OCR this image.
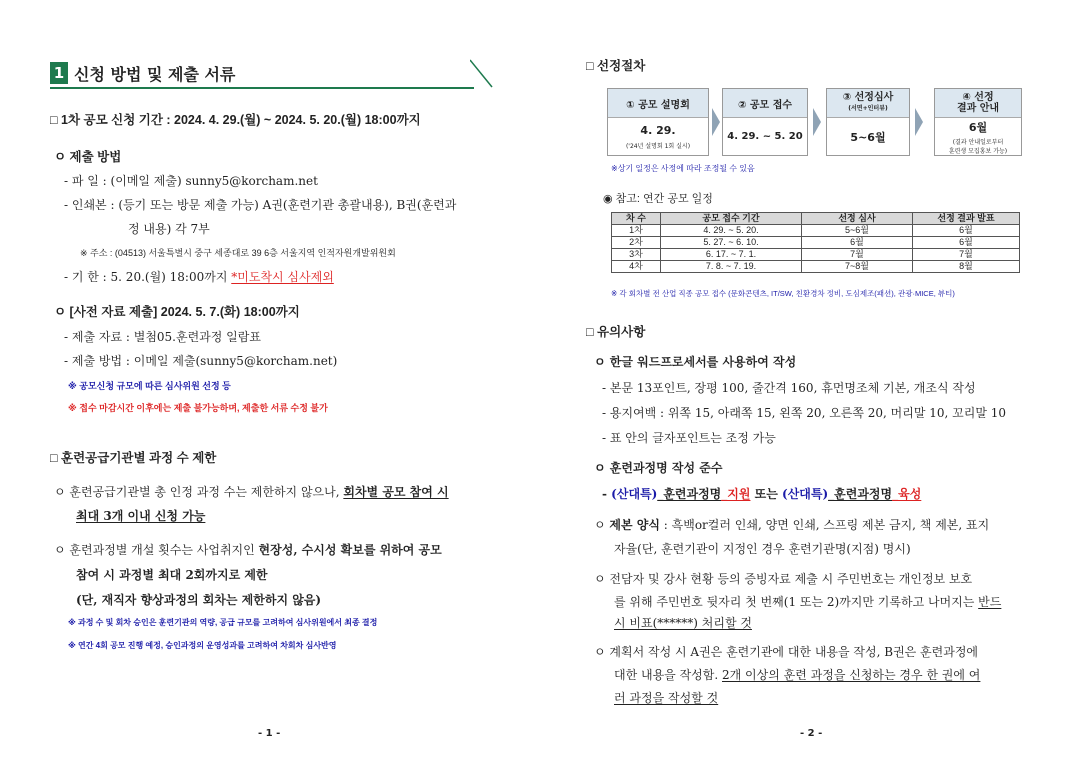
1 신청 방법 및 제출 서류
□ 1차 공모 신청 기간 : 2024. 4. 29.(월) ~ 2024. 5. 20.(월) 18:00까지
ㅇ 제출 방법
- 파 일 : (이메일 제출) sunny5@korcham.net
- 인쇄본 : (등기 또는 방문 제출 가능) A권(훈련기관 총괄내용), B권(훈련과
정 내용) 각 7부
※ 주소 : (04513) 서울특별시 중구 세종대로 39 6층 서울지역 인적자원개발위원회
- 기 한 : 5. 20.(월) 18:00까지 *미도착시 심사제외
ㅇ [사전 자료 제출] 2024. 5. 7.(화) 18:00까지
- 제출 자료 : 별첨05.훈련과정 일람표
- 제출 방법 : 이메일 제출(sunny5@korcham.net)
※ 공모신청 규모에 따른 심사위원 선정 등
※ 접수 마감시간 이후에는 제출 불가능하며, 제출한 서류 수정 불가
□ 훈련공급기관별 과정 수 제한
ㅇ 훈련공급기관별 총 인정 과정 수는 제한하지 않으나, 회차별 공모 참여 시
최대 3개 이내 신청 가능
ㅇ 훈련과정별 개설 횟수는 사업취지인 현장성, 수시성 확보를 위하여 공모
참여 시 과정별 최대 2회까지로 제한
(단, 재직자 향상과정의 회차는 제한하지 않음)
※ 과정 수 및 회차 승인은 훈련기관의 역량, 공급 규모를 고려하여 심사위원에서 최종 결정
※ 연간 4회 공모 진행 예정, 승인과정의 운영성과를 고려하여 차회차 심사반영
- 1 -
□ 선정절차
① 공모 설명회
4. 29.
('24년 설명회 1회 실시)
② 공모 접수
4. 29. ~ 5. 20
③ 선정심사
(서면+인터뷰)
5~6월
④ 선정
결과 안내
6월
(결과 안내일로부터
훈련생 모집홍보 가능)
※상기 일정은 사정에 따라 조정될 수 있음
◉ 참고: 연간 공모 일정
차 수	공모 접수 기간	선정 심사	선정 결과 발표
1차	4. 29. ~ 5. 20.	5~6월	6월
2차	5. 27. ~ 6. 10.	6월	6월
3차	6. 17. ~ 7. 1.	7월	7월
4차	7. 8. ~ 7. 19.	7~8월	8월
※ 각 회차별 전 산업 직종 공모 접수 (문화콘텐츠, IT/SW, 친환경차 정비, 도심제조(패션), 관광·MICE, 뷰티)
□ 유의사항
ㅇ 한글 워드프로세서를 사용하여 작성
- 본문 13포인트, 장평 100, 줄간격 160, 휴먼명조체 기본, 개조식 작성
- 용지여백 : 위쪽 15, 아래쪽 15, 왼쪽 20, 오른쪽 20, 머리말 10, 꼬리말 10
- 표 안의 글자포인트는 조정 가능
ㅇ 훈련과정명 작성 준수
- (산대특)_훈련과정명_지원 또는 (산대특)_훈련과정명_육성
ㅇ 제본 양식 : 흑백or컬러 인쇄, 양면 인쇄, 스프링 제본 금지, 책 제본, 표지
자율(단, 훈련기관이 지정인 경우 훈련기관명(지점) 명시)
ㅇ 전담자 및 강사 현황 등의 증빙자료 제출 시 주민번호는 개인정보 보호
를 위해 주민번호 뒷자리 첫 번째(1 또는 2)까지만 기록하고 나머지는 반드
시 비표(******) 처리할 것
ㅇ 계획서 작성 시 A권은 훈련기관에 대한 내용을 작성, B권은 훈련과정에
대한 내용을 작성함. 2개 이상의 훈련 과정을 신청하는 경우 한 권에 여
러 과정을 작성할 것
- 2 -
